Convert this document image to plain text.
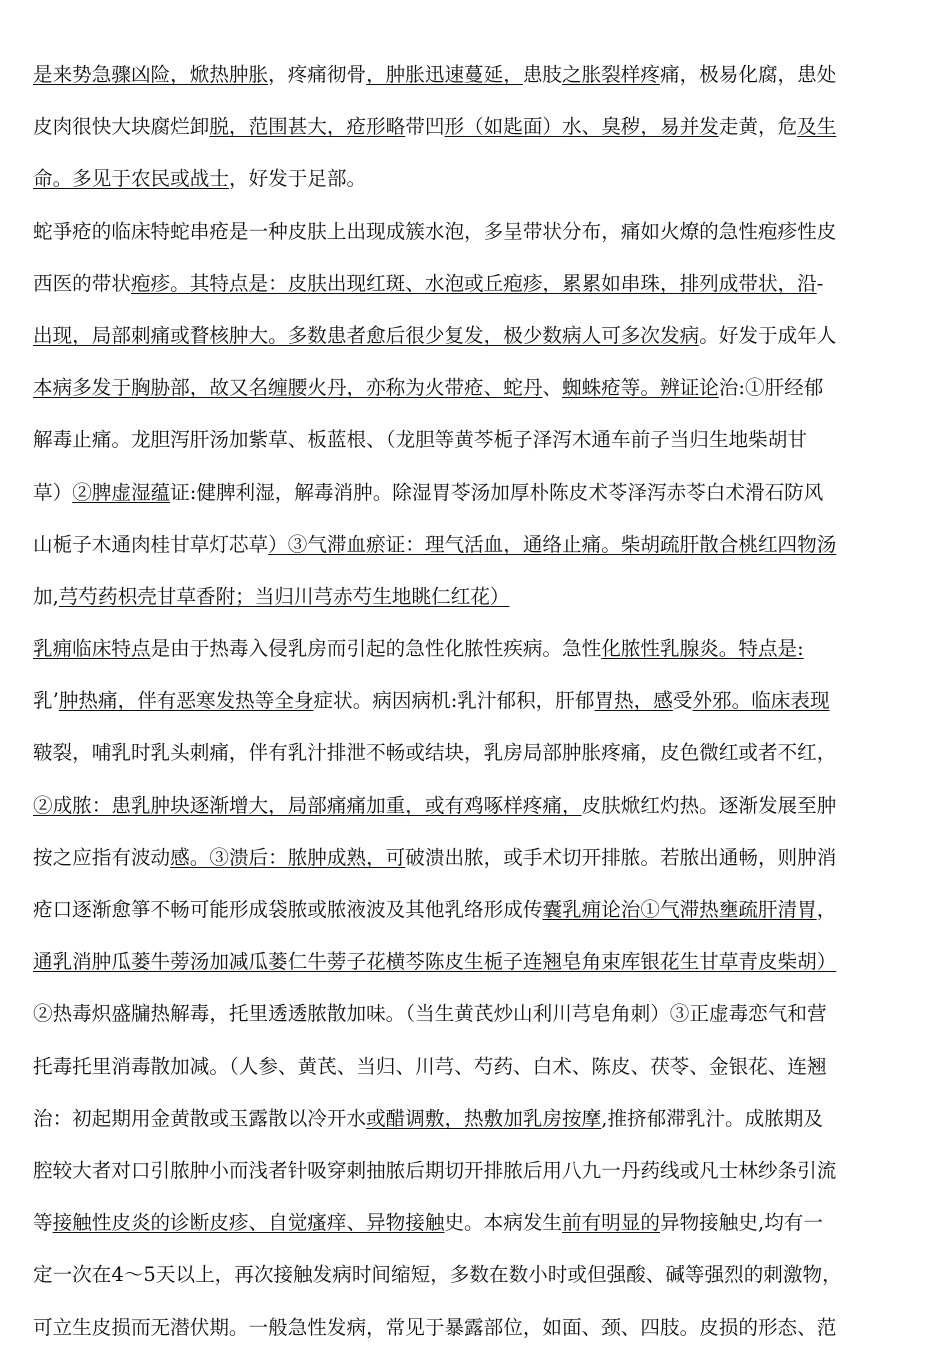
是来势急骤凶险，焮热肿胀，疼痛彻骨，肿胀迅速蔓延，患肢之胀裂样疼痛，极易化腐，患处
皮肉很快大块腐烂卸脱，范围甚大，疮形略带凹形（如匙面）水、臭秽，易并发走黄，危及生
命。多见于农民或战士，好发于足部。
蛇爭疮的临床特蛇串疮是一种皮肤上出现成簇水泡，多呈带状分布，痛如火燎的急性疱疹性皮
西医的带状疱疹。其特点是：皮肤出现红斑、水泡或丘疱疹，累累如串珠，排列成带状，沿-
出现，局部刺痛或瞀核肿大。多数患者愈后很少复发，极少数病人可多次发病。好发于成年人
本病多发于胸胁部，故又名缠腰火丹，亦称为火带疮、蛇丹、蜘蛛疮等。辨证论治:①肝经郁
解毒止痛。龙胆泻肝汤加紫草、板蓝根、（龙胆等黄芩栀子泽泻木通车前子当归生地柴胡甘
草）②脾虚湿蕴证:健脾利湿，解毒消肿。除湿胃苓汤加厚朴陈皮术苓泽泻赤苓白术滑石防风
山栀子木通肉桂甘草灯芯草）③气滞血瘀证：理气活血，通络止痛。柴胡疏肝散合桃红四物汤
加,芎芍药枳壳甘草香附；当归川芎赤芍生地眺仁红花）
乳痈临床特点是由于热毒入侵乳房而引起的急性化脓性疾病。急性化脓性乳腺炎。特点是:
乳’肿热痛，伴有恶寒发热等全身症状。病因病机:乳汁郁积，肝郁胃热，感受外邪。临床表现
皲裂，哺乳时乳头刺痛，伴有乳汁排泄不畅或结块，乳房局部肿胀疼痛，皮色微红或者不红，
②成脓：患乳肿块逐渐增大，局部痛痛加重，或有鸡啄样疼痛，皮肤焮红灼热。逐渐发展至肿
按之应指有波动感。③溃后：脓肿成熟，可破溃出脓，或手术切开排脓。若脓出通畅，则肿消
疮口逐渐愈箏不畅可能形成袋脓或脓液波及其他乳络形成传囊乳痈论治①气滞热壅疏肝清胃，
通乳消肿瓜蒌牛蒡汤加减瓜蒌仁牛蒡子花横芩陈皮生栀子连翘皂角束库银花生甘草青皮柴胡）
②热毒炽盛牖热解毒，托里透透脓散加味。（当生黄芪炒山利川芎皂角刺）③正虚毒恋气和营
托毒托里消毒散加减。（人参、黄芪、当归、川芎、芍药、白术、陈皮、茯苓、金银花、连翘
治：初起期用金黄散或玉露散以冷开水或醋调敷，热敷加乳房按摩,推挤郁滞乳汁。成脓期及
腔较大者对口引脓肿小而浅者针吸穿刺抽脓后期切开排脓后用八九一丹药线或凡士林纱条引流
等接触性皮炎的诊断皮疹、自觉瘙痒、异物接触史。本病发生前有明显的异物接触史,均有一
定一次在4〜5天以上，再次接触发病时间缩短，多数在数小时或但强酸、碱等强烈的刺激物，
可立生皮损而无潜伏期。一般急性发病，常见于暴露部位，如面、颈、四肢。皮损的形态、范
